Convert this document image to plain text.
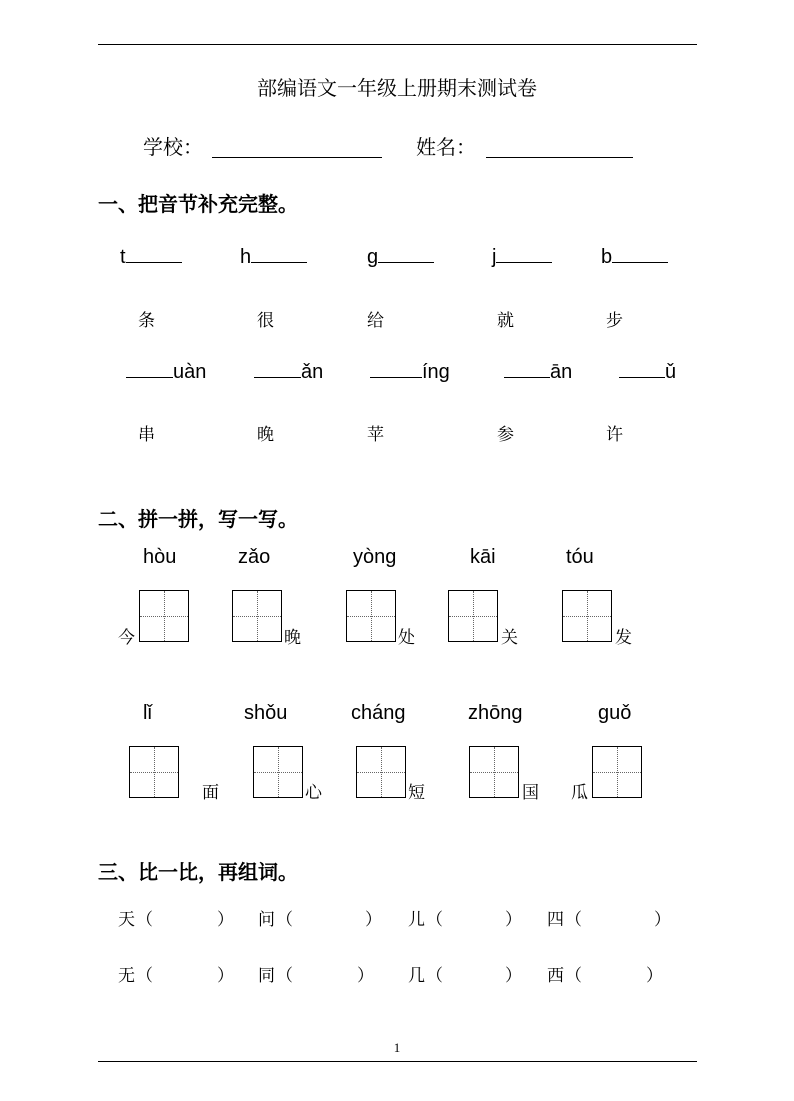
部编语文一年级上册期末测试卷
学校：	姓名：
一、把音节补充完整。
t	h	g	j	b
条	很	给	就	步
uàn	ǎn	íng	ān	ǔ
串	晚	苹	参	许
二、拼一拼，写一写。
hòu	zǎo	yòng	kāi	tóu
今	晚	处	关	发
lǐ	shǒu	cháng	zhōng	guǒ
面	心	短	国 瓜
三、比一比，再组词。
天 （	） 问 （	） 儿 （	） 四 （	）
无 （	） 同 （	） 几 （	） 西 （	）
1
